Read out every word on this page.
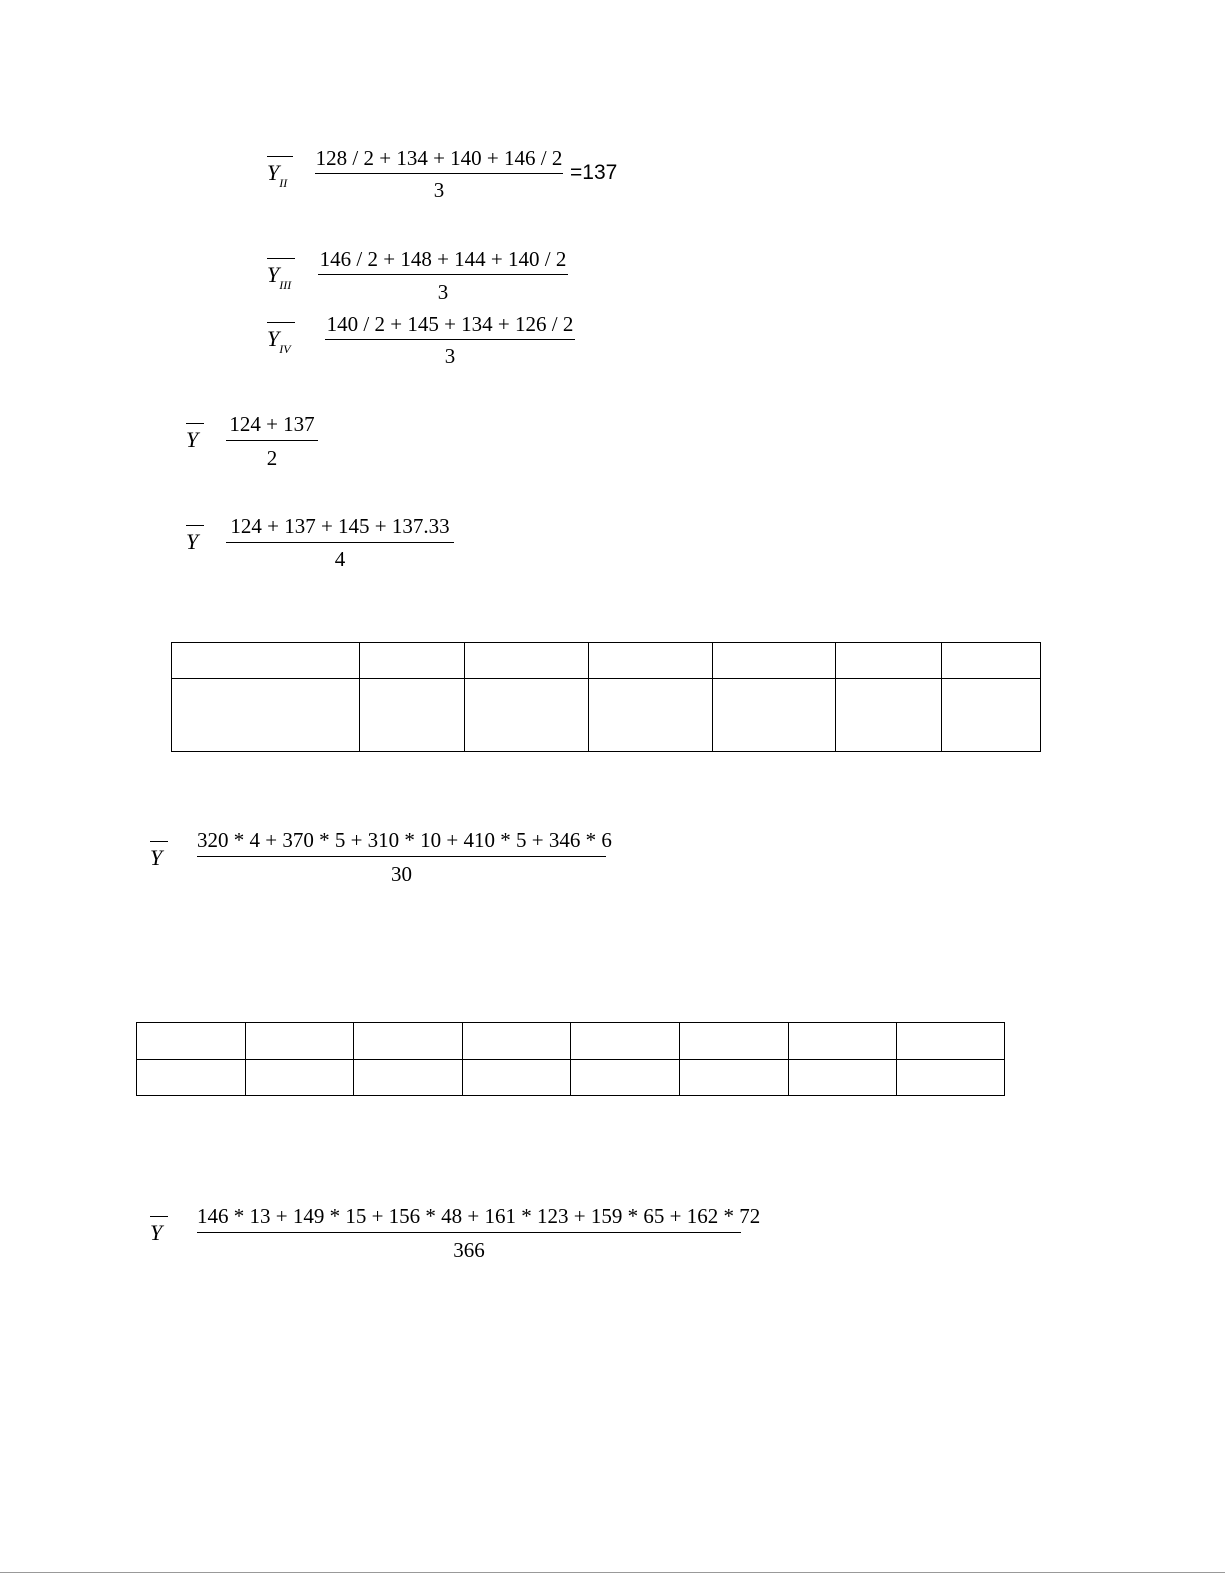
$Y_{II}$
128 / 2 + 134 + 140 + 146 / 2
3
=137
$Y_{III}$
146 / 2 + 148 + 144 + 140 / 2
3
$Y_{IV}$
140 / 2 + 145 + 134 + 126 / 2
3
Y
124 + 137
2
Y
124 + 137 + 145 + 137.33
4

Y
320 * 4 + 370 * 5 + 310 * 10 + 410 * 5 + 346 * 6
30

Y
146 * 13 + 149 * 15 + 156 * 48 + 161 * 123 + 159 * 65 + 162 * 72
366
